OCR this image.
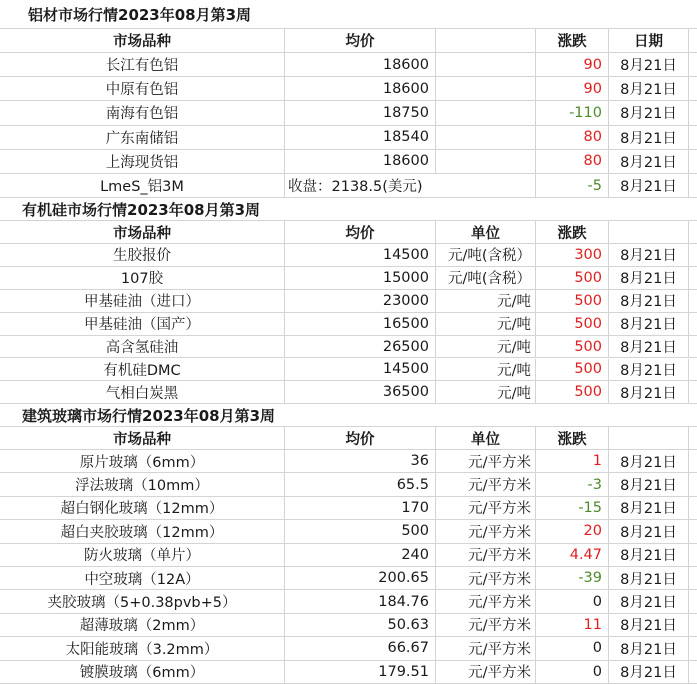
铝材市场行情2023年08月第3周
市场品种	均价	涨跌	日期
长江有色铝	18600	90	8月21日
中原有色铝	18600	90	8月21日
南海有色铝	18750	-110	8月21日
广东南储铝	18540	80	8月21日
上海现货铝	18600	80	8月21日
LmeS_铝3M	收盘：2138.5(美元)	-5	8月21日
有机硅市场行情2023年08月第3周
市场品种	均价	单位	涨跌
生胶报价	14500	元/吨(含税）	300	8月21日
107胶	15000	元/吨(含税）	500	8月21日
甲基硅油（进口）	23000	元/吨	500	8月21日
甲基硅油（国产）	16500	元/吨	500	8月21日
高含氢硅油	26500	元/吨	500	8月21日
有机硅DMC	14500	元/吨	500	8月21日
气相白炭黑	36500	元/吨	500	8月21日
建筑玻璃市场行情2023年08月第3周
市场品种	均价	单位	涨跌
原片玻璃（6mm）	36	元/平方米	1	8月21日
浮法玻璃（10mm）	65.5	元/平方米	-3	8月21日
超白钢化玻璃（12mm）	170	元/平方米	-15	8月21日
超白夹胶玻璃（12mm）	500	元/平方米	20	8月21日
防火玻璃（单片）	240	元/平方米	4.47	8月21日
中空玻璃（12A）	200.65	元/平方米	-39	8月21日
夹胶玻璃（5+0.38pvb+5）	184.76	元/平方米	0	8月21日
超薄玻璃（2mm）	50.63	元/平方米	11	8月21日
太阳能玻璃（3.2mm）	66.67	元/平方米	0	8月21日
镀膜玻璃（6mm）	179.51	元/平方米	0	8月21日
